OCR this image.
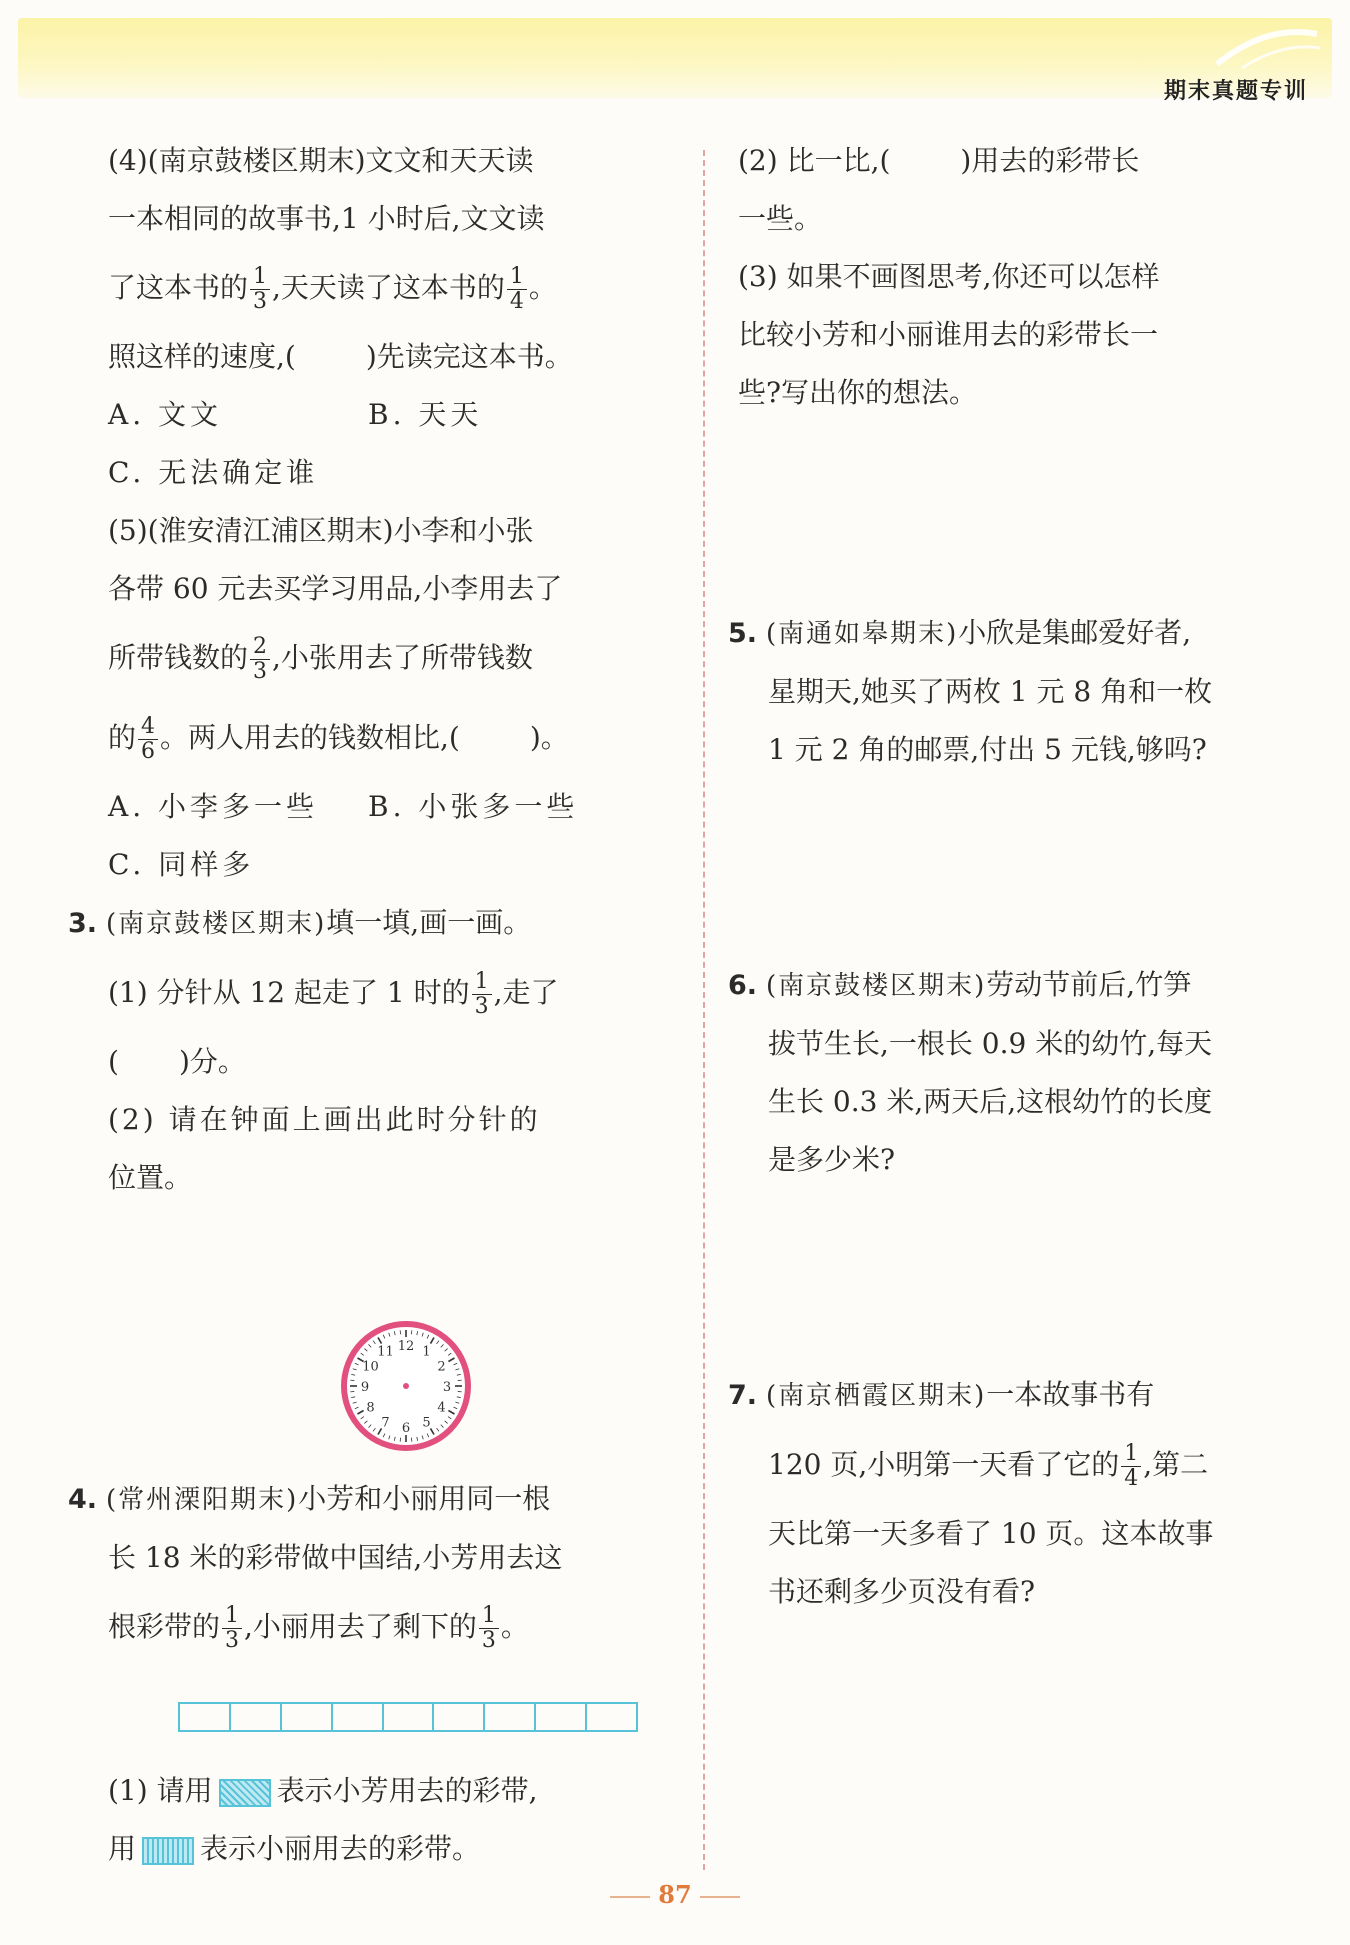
期末真题专训
(4)(南京鼓楼区期末)文文和天天读
一本相同的故事书,1 小时后,文文读
了这本书的 $\frac{1}{3}$ ,天天读了这本书的 $\frac{1}{4}$ 。
照这样的速度,(	)先读完这本书。
A. 文文	B. 天天
C. 无法确定谁
(5)(淮安清江浦区期末)小李和小张
各带 60 元去买学习用品,小李用去了
所带钱数的 $\frac{2}{3}$ ,小张用去了所带钱数
的 $\frac{4}{6}$ 。两人用去的钱数相比,(	)。
A. 小李多一些 B. 小张多一些
C. 同样多
3. (南京鼓楼区期末)填一填,画一画。
(1) 分针从 12 起走了 1 时的 $\frac{1}{3}$ ,走了
( )分。
(2) 请在钟面上画出此时分针的
位置。
12 1
2
3
4
5
6
7
8
9
10
11
4. (常州溧阳期末)小芳和小丽用同一根
长 18 米的彩带做中国结,小芳用去这
根彩带的 $\frac{1}{3}$ ,小丽用去了剩下的 $\frac{1}{3}$ 。
(1) 请用 表示小芳用去的彩带,
用 表示小丽用去的彩带。
(2) 比一比,(	)用去的彩带长
一些。
(3) 如果不画图思考,你还可以怎样
比较小芳和小丽谁用去的彩带长一
些?写出你的想法。
5. (南通如皋期末)小欣是集邮爱好者,
星期天,她买了两枚 1 元 8 角和一枚
1 元 2 角的邮票,付出 5 元钱,够吗?
6. (南京鼓楼区期末)劳动节前后,竹笋
拔节生长,一根长 0.9 米的幼竹,每天
生长 0.3 米,两天后,这根幼竹的长度
是多少米?
7. (南京栖霞区期末)一本故事书有
120 页,小明第一天看了它的 $\frac{1}{4}$ ,第二
天比第一天多看了 10 页。这本故事
书还剩多少页没有看?
87
